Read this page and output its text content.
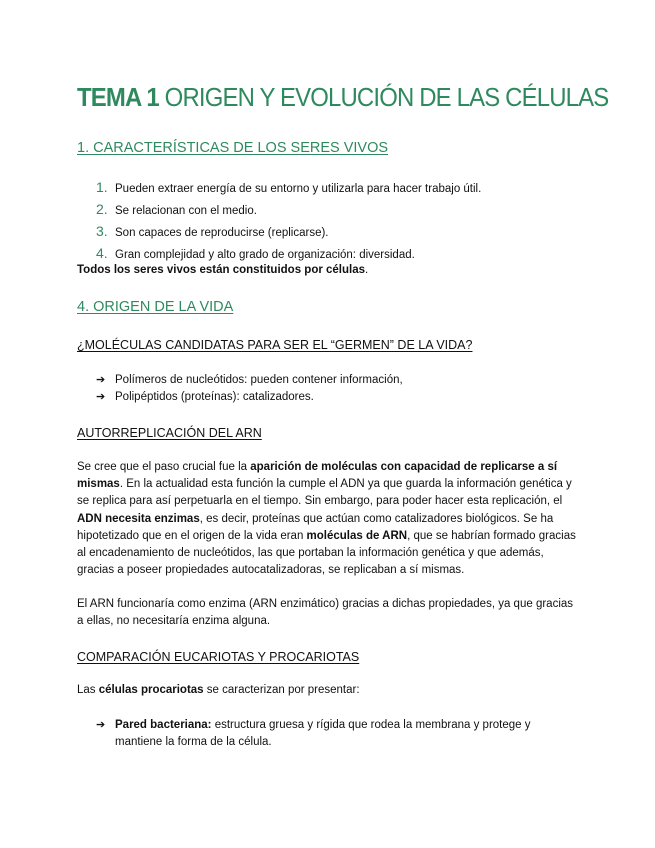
TEMA 1 ORIGEN Y EVOLUCIÓN DE LAS CÉLULAS
1. CARACTERÍSTICAS DE LOS SERES VIVOS
1. Pueden extraer energía de su entorno y utilizarla para hacer trabajo útil.
2. Se relacionan con el medio.
3. Son capaces de reproducirse (replicarse).
4. Gran complejidad y alto grado de organización: diversidad.

Todos los seres vivos están constituidos por células.

4. ORIGEN DE LA VIDA
¿MOLÉCULAS CANDIDATAS PARA SER EL “GERMEN” DE LA VIDA?
➔ Polímeros de nucleótidos: pueden contener información,
➔ Polipéptidos (proteínas): catalizadores.
AUTORREPLICACIÓN DEL ARN

Se cree que el paso crucial fue la aparición de moléculas con capacidad de replicarse a sí mismas. En la actualidad esta función la cumple el ADN ya que guarda la información genética y se replica para así perpetuarla en el tiempo. Sin embargo, para poder hacer esta replicación, el ADN necesita enzimas, es decir, proteínas que actúan como catalizadores biológicos. Se ha hipotetizado que en el origen de la vida eran moléculas de ARN, que se habrían formado gracias al encadenamiento de nucleótidos, las que portaban la información genética y que además, gracias a poseer propiedades autocatalizadoras, se replicaban a sí mismas.

El ARN funcionaría como enzima (ARN enzimático) gracias a dichas propiedades, ya que gracias a ellas, no necesitaría enzima alguna.

COMPARACIÓN EUCARIOTAS Y PROCARIOTAS

Las células procariotas se caracterizan por presentar:

➔ Pared bacteriana: estructura gruesa y rígida que rodea la membrana y protege y mantiene la forma de la célula.
